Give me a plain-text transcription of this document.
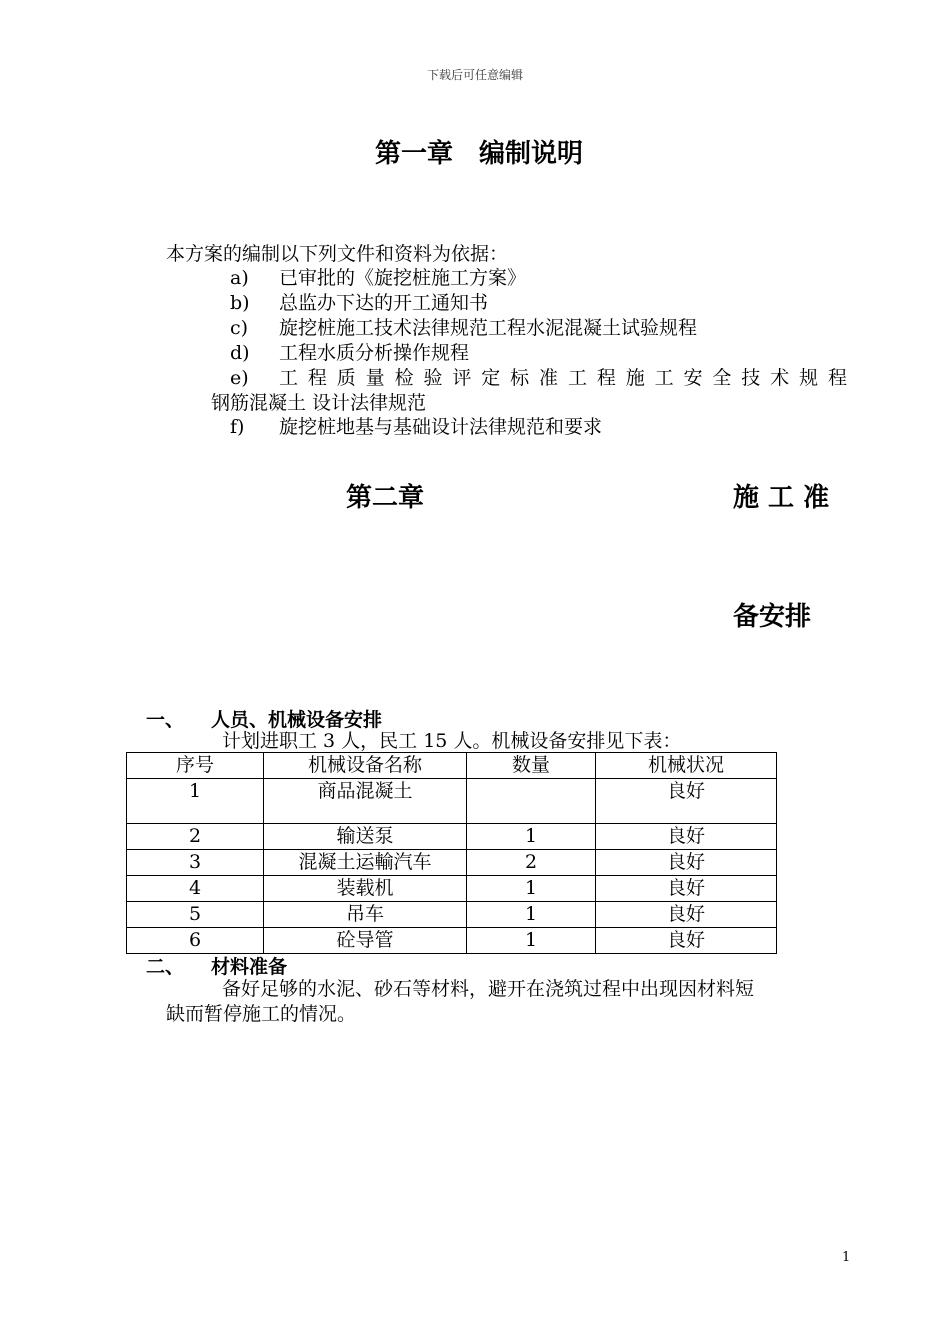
下载后可任意编辑
第一章　编制说明
本方案的编制以下列文件和资料为依据：
a) 已审批的《旋挖桩施工方案》
b) 总监办下达的开工通知书
c) 旋挖桩施工技术法律规范工程水泥混凝土试验规程
d) 工程水质分析操作规程
e) 工程质量检验评定标准工程施工安全技术规程
钢筋混凝土 设计法律规范
f) 旋挖桩地基与基础设计法律规范和要求
第二章	施 工 准
备安排
一、 人员、机械设备安排
计划进职工 3 人，民工 15 人。机械设备安排见下表：
序号	机械设备名称	数量	机械状况
1	商品混凝土		良好
2	输送泵	1	良好
3	混凝土运輸汽车	2	良好
4	装载机	1	良好
5	吊车	1	良好
6	砼导管	1	良好
二、 材料准备
备好足够的水泥、砂石等材料，避开在浇筑过程中出现因材料短
缺而暂停施工的情况。
1
